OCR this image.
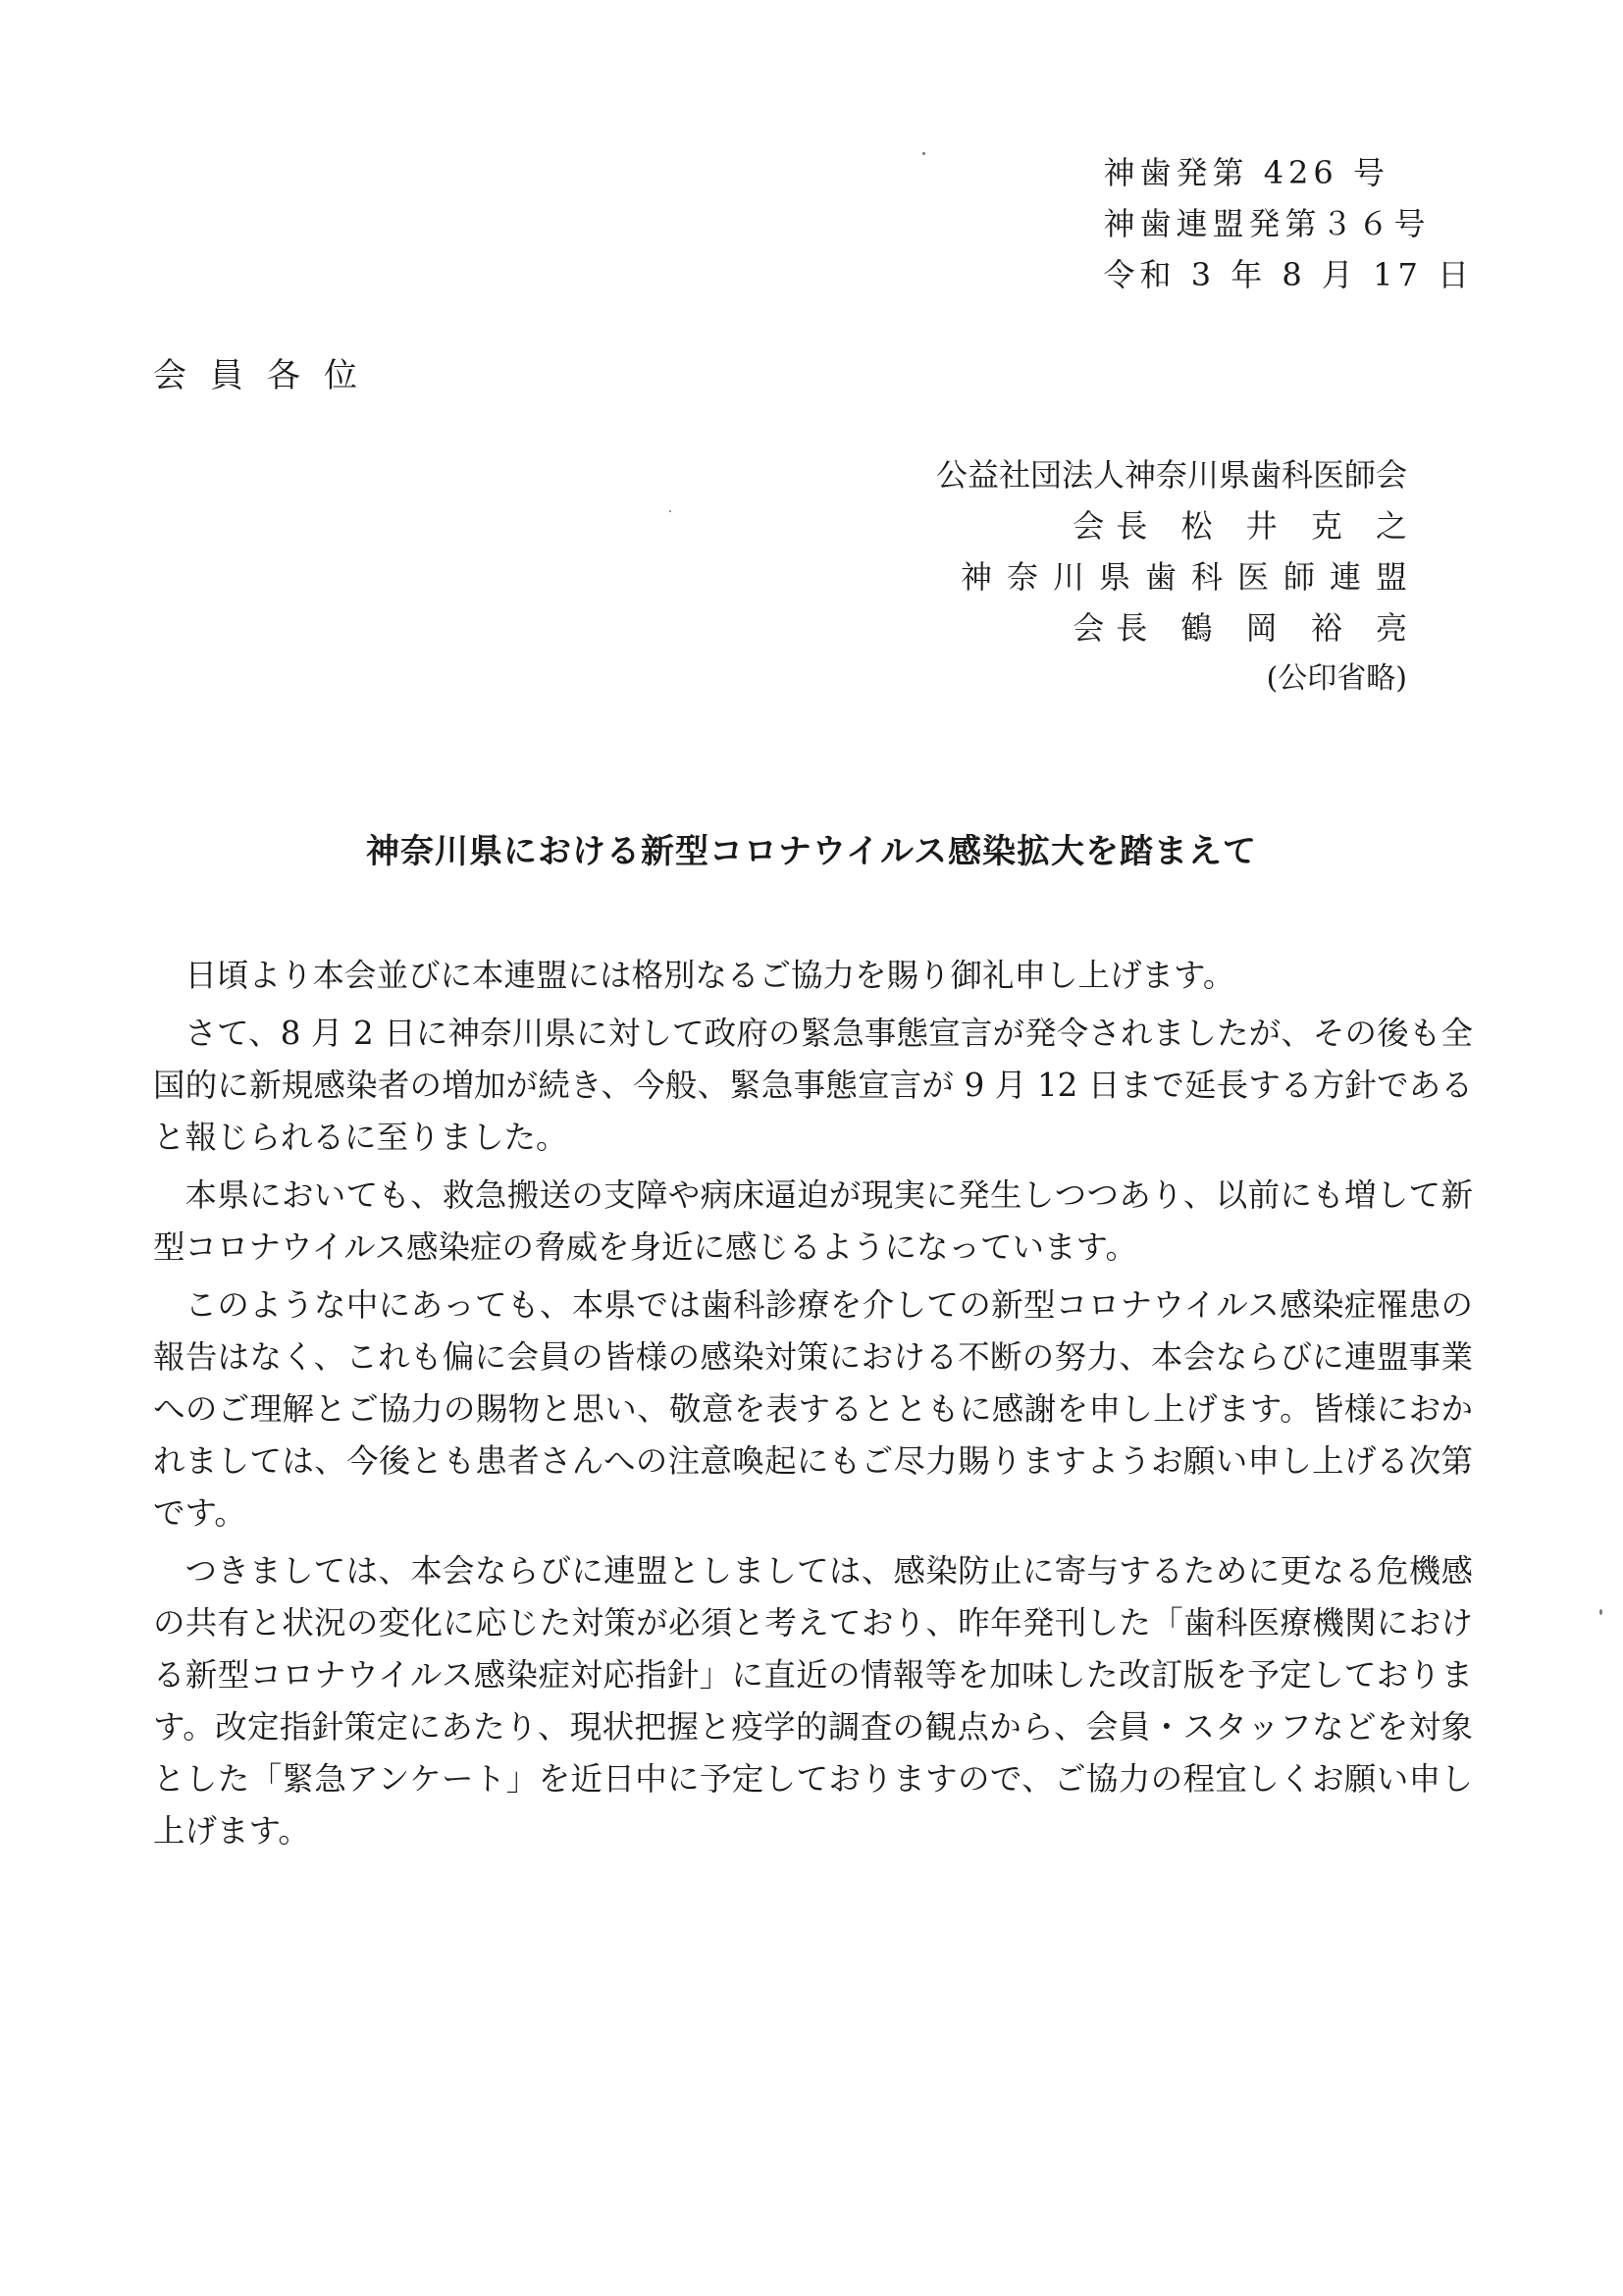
神歯発第 426 号
神歯連盟発第３６号
令和 3 年 8 月 17 日
会員各位
公益社団法人神奈川県歯科医師会
会長 松 井 克 之
神奈川県歯科医師連盟
会長 鶴 岡 裕 亮
(公印省略)
神奈川県における新型コロナウイルス感染拡大を踏まえて

日頃より本会並びに本連盟には格別なるご協力を賜り御礼申し上げます。

さて、8 月 2 日に神奈川県に対して政府の緊急事態宣言が発令されましたが、その後も全国的に新規感染者の増加が続き、今般、緊急事態宣言が 9 月 12 日まで延長する方針であると報じられるに至りました。

本県においても、救急搬送の支障や病床逼迫が現実に発生しつつあり、以前にも増して新型コロナウイルス感染症の脅威を身近に感じるようになっています。

このような中にあっても、本県では歯科診療を介しての新型コロナウイルス感染症罹患の報告はなく、これも偏に会員の皆様の感染対策における不断の努力、本会ならびに連盟事業へのご理解とご協力の賜物と思い、敬意を表するとともに感謝を申し上げます。皆様におかれましては、今後とも患者さんへの注意喚起にもご尽力賜りますようお願い申し上げる次第です。

つきましては、本会ならびに連盟としましては、感染防止に寄与するために更なる危機感の共有と状況の変化に応じた対策が必須と考えており、昨年発刊した「歯科医療機関における新型コロナウイルス感染症対応指針」に直近の情報等を加味した改訂版を予定しております。改定指針策定にあたり、現状把握と疫学的調査の観点から、会員・スタッフなどを対象とした「緊急アンケート」を近日中に予定しておりますので、ご協力の程宜しくお願い申し上げます。
